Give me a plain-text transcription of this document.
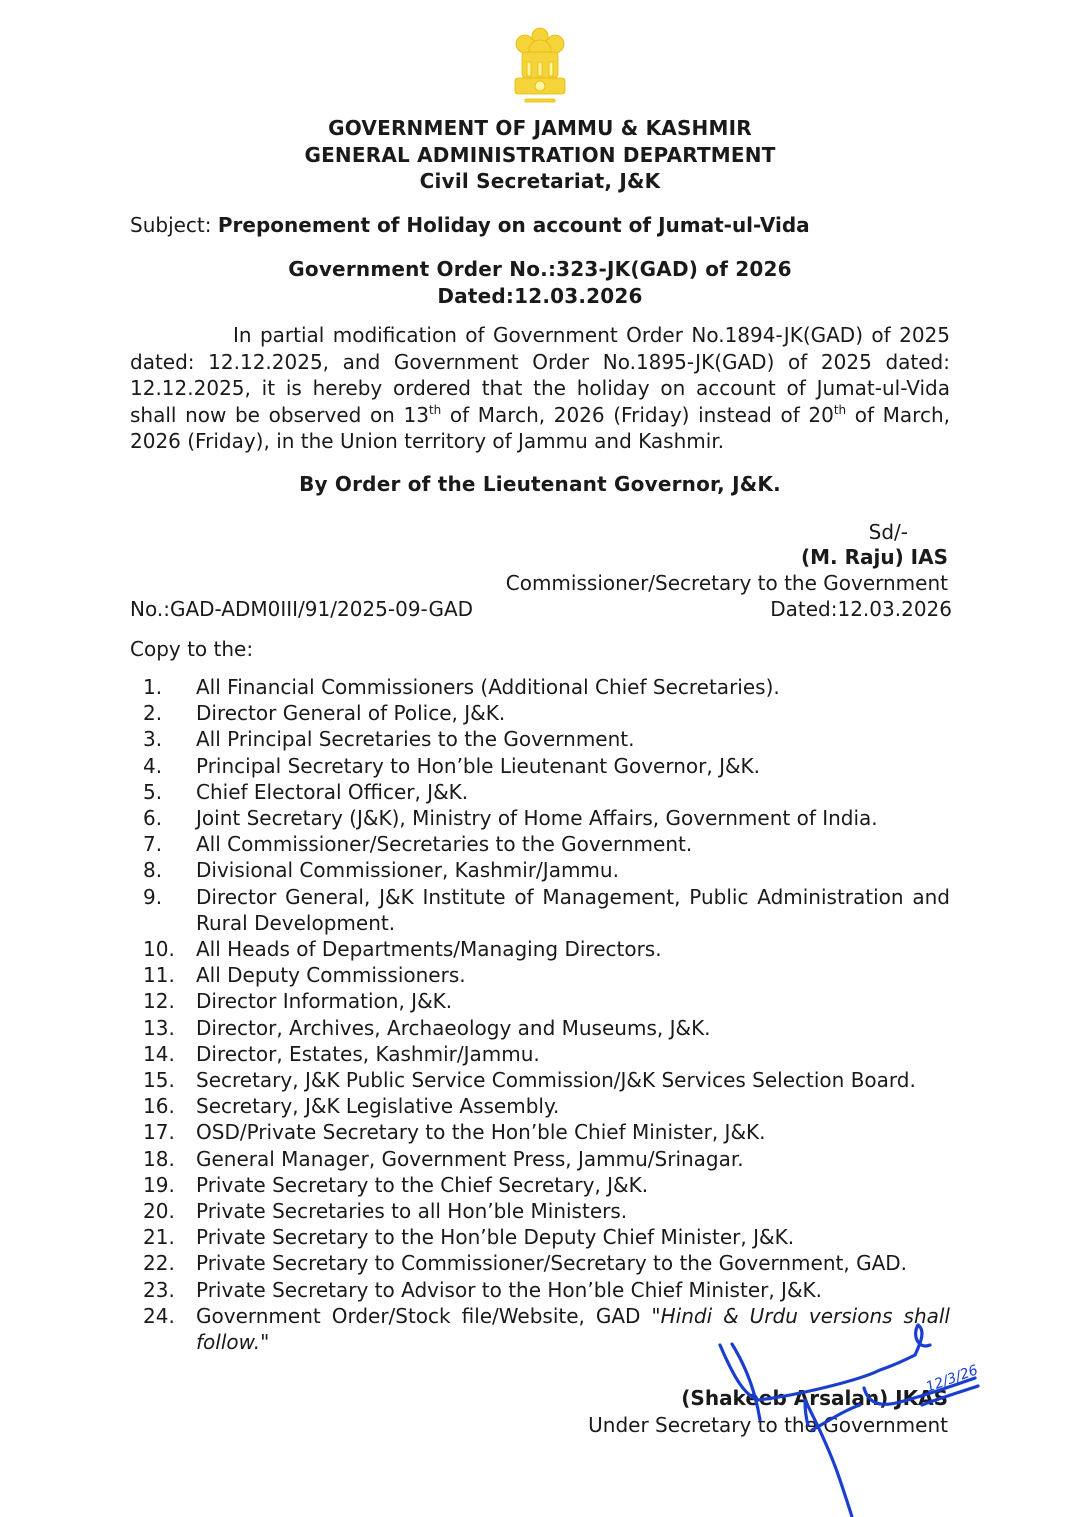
GOVERNMENT OF JAMMU & KASHMIR
GENERAL ADMINISTRATION DEPARTMENT
Civil Secretariat, J&K
Subject: Preponement of Holiday on account of Jumat-ul-Vida
Government Order No.:323-JK(GAD) of 2026
Dated:12.03.2026
In partial modification of Government Order No.1894-JK(GAD) of 2025 dated: 12.12.2025, and Government Order No.1895-JK(GAD) of 2025 dated: 12.12.2025, it is hereby ordered that the holiday on account of Jumat-ul-Vida shall now be observed on 13th of March, 2026 (Friday) instead of 20th of March, 2026 (Friday), in the Union territory of Jammu and Kashmir.
By Order of the Lieutenant Governor, J&K.
Sd/-
(M. Raju) IAS
Commissioner/Secretary to the Government
No.:GAD-ADM0III/91/2025-09-GAD	Dated:12.03.2026
Copy to the:
1.	All Financial Commissioners (Additional Chief Secretaries).
2.	Director General of Police, J&K.
3.	All Principal Secretaries to the Government.
4.	Principal Secretary to Hon’ble Lieutenant Governor, J&K.
5.	Chief Electoral Officer, J&K.
6.	Joint Secretary (J&K), Ministry of Home Affairs, Government of India.
7.	All Commissioner/Secretaries to the Government.
8.	Divisional Commissioner, Kashmir/Jammu.
9.	Director General, J&K Institute of Management, Public Administration and Rural Development.
10.	All Heads of Departments/Managing Directors.
11.	All Deputy Commissioners.
12.	Director Information, J&K.
13.	Director, Archives, Archaeology and Museums, J&K.
14.	Director, Estates, Kashmir/Jammu.
15.	Secretary, J&K Public Service Commission/J&K Services Selection Board.
16.	Secretary, J&K Legislative Assembly.
17.	OSD/Private Secretary to the Hon’ble Chief Minister, J&K.
18.	General Manager, Government Press, Jammu/Srinagar.
19.	Private Secretary to the Chief Secretary, J&K.
20.	Private Secretaries to all Hon’ble Ministers.
21.	Private Secretary to the Hon’ble Deputy Chief Minister, J&K.
22.	Private Secretary to Commissioner/Secretary to the Government, GAD.
23.	Private Secretary to Advisor to the Hon’ble Chief Minister, J&K.
24.	Government Order/Stock file/Website, GAD "Hindi & Urdu versions shall follow."
(Shakeeb Arsalan) JKAS
Under Secretary to the Government
12/3/26
